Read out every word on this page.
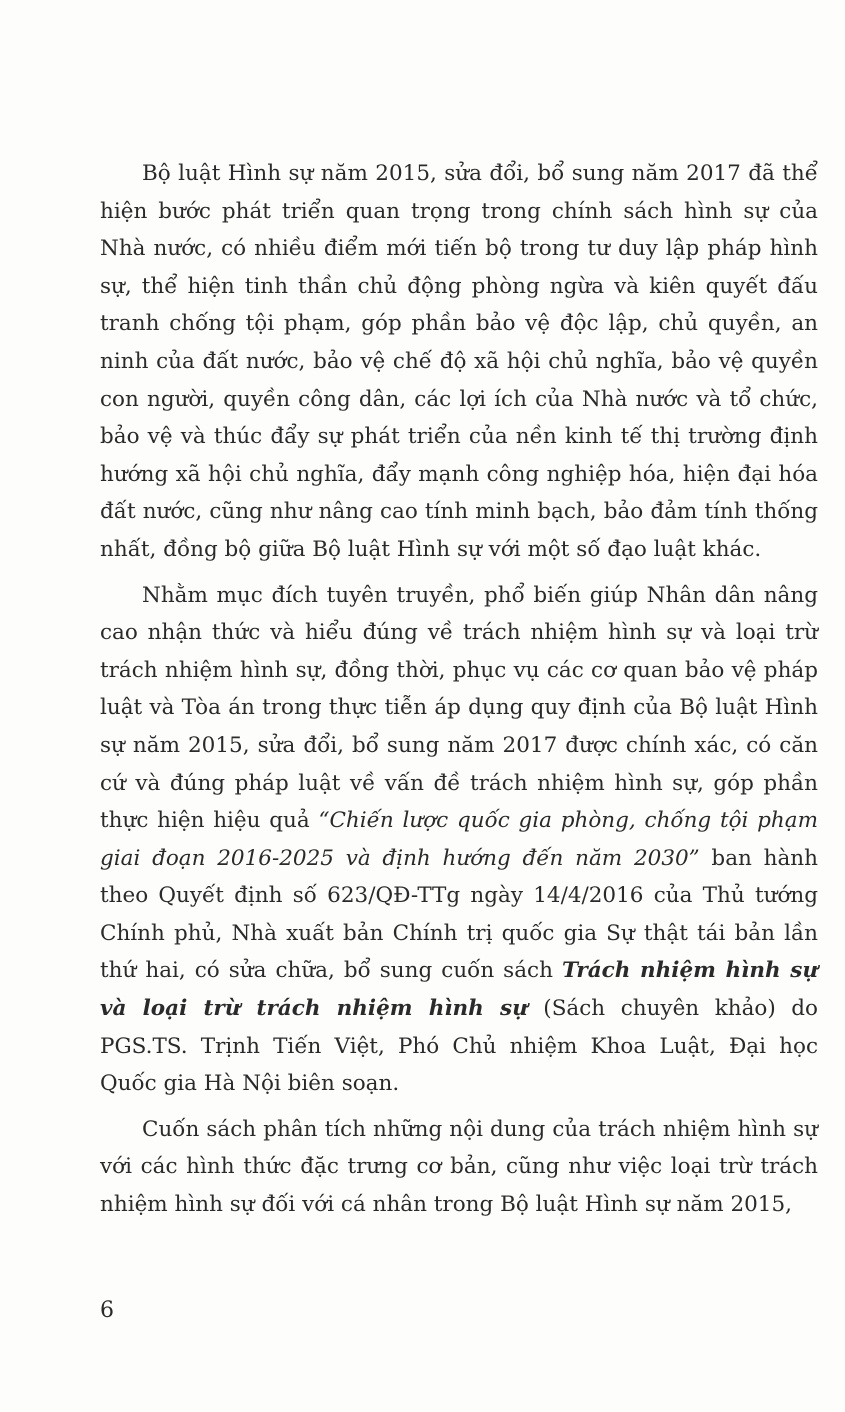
Bộ luật Hình sự năm 2015, sửa đổi, bổ sung năm 2017 đã thể hiện bước phát triển quan trọng trong chính sách hình sự của Nhà nước, có nhiều điểm mới tiến bộ trong tư duy lập pháp hình sự, thể hiện tinh thần chủ động phòng ngừa và kiên quyết đấu tranh chống tội phạm, góp phần bảo vệ độc lập, chủ quyền, an ninh của đất nước, bảo vệ chế độ xã hội chủ nghĩa, bảo vệ quyền con người, quyền công dân, các lợi ích của Nhà nước và tổ chức, bảo vệ và thúc đẩy sự phát triển của nền kinh tế thị trường định hướng xã hội chủ nghĩa, đẩy mạnh công nghiệp hóa, hiện đại hóa đất nước, cũng như nâng cao tính minh bạch, bảo đảm tính thống nhất, đồng bộ giữa Bộ luật Hình sự với một số đạo luật khác.

Nhằm mục đích tuyên truyền, phổ biến giúp Nhân dân nâng cao nhận thức và hiểu đúng về trách nhiệm hình sự và loại trừ trách nhiệm hình sự, đồng thời, phục vụ các cơ quan bảo vệ pháp luật và Tòa án trong thực tiễn áp dụng quy định của Bộ luật Hình sự năm 2015, sửa đổi, bổ sung năm 2017 được chính xác, có căn cứ và đúng pháp luật về vấn đề trách nhiệm hình sự, góp phần thực hiện hiệu quả “Chiến lược quốc gia phòng, chống tội phạm giai đoạn 2016-2025 và định hướng đến năm 2030” ban hành theo Quyết định số 623/QĐ-TTg ngày 14/4/2016 của Thủ tướng Chính phủ, Nhà xuất bản Chính trị quốc gia Sự thật tái bản lần thứ hai, có sửa chữa, bổ sung cuốn sách Trách nhiệm hình sự và loại trừ trách nhiệm hình sự (Sách chuyên khảo) do PGS.TS. Trịnh Tiến Việt, Phó Chủ nhiệm Khoa Luật, Đại học Quốc gia Hà Nội biên soạn.

Cuốn sách phân tích những nội dung của trách nhiệm hình sự với các hình thức đặc trưng cơ bản, cũng như việc loại trừ trách nhiệm hình sự đối với cá nhân trong Bộ luật Hình sự năm 2015,

6
